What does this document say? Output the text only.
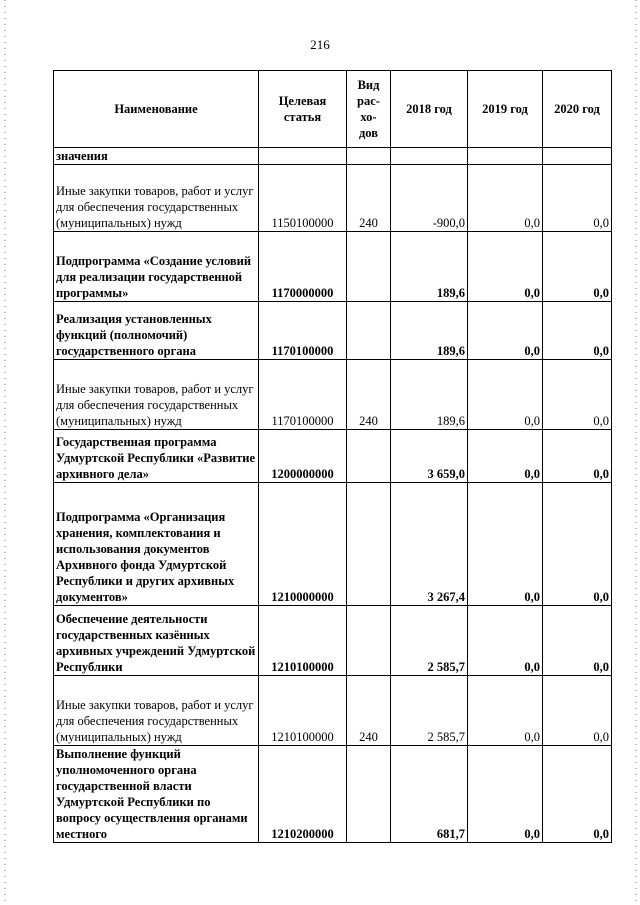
216
Наименование	Целевая статья	Вид рас-хо-дов	2018 год	2019 год	2020 год
значения					
Иные закупки товаров, работ и услуг для обеспечения государственных (муниципальных) нужд	1150100000	240	-900,0	0,0	0,0
Подпрограмма «Создание условий для реализации государственной программы»	1170000000		189,6	0,0	0,0
Реализация установленных функций (полномочий) государственного органа	1170100000		189,6	0,0	0,0
Иные закупки товаров, работ и услуг для обеспечения государственных (муниципальных) нужд	1170100000	240	189,6	0,0	0,0
Государственная программа Удмуртской Республики «Развитие архивного дела»	1200000000		3 659,0	0,0	0,0
Подпрограмма «Организация хранения, комплектования и использования документов Архивного фонда Удмуртской Республики и других архивных документов»	1210000000		3 267,4	0,0	0,0
Обеспечение деятельности государственных казённых архивных учреждений Удмуртской Республики	1210100000		2 585,7	0,0	0,0
Иные закупки товаров, работ и услуг для обеспечения государственных (муниципальных) нужд	1210100000	240	2 585,7	0,0	0,0
Выполнение функций уполномоченного органа государственной власти Удмуртской Республики по вопросу осуществления органами местного	1210200000		681,7	0,0	0,0
